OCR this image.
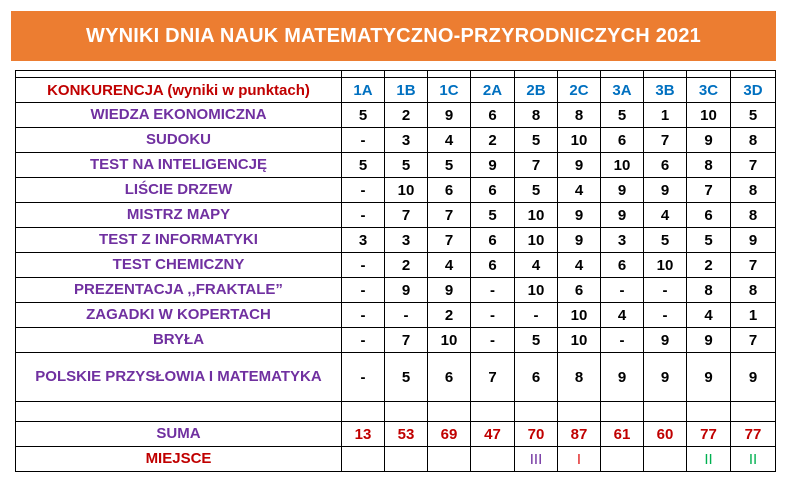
WYNIKI DNIA NAUK MATEMATYCZNO-PRZYRODNICZYCH 2021

KONKURENCJA (wyniki w punktach)	1A	1B	1C	2A	2B	2C	3A	3B	3C	3D
WIEDZA EKONOMICZNA	5	2	9	6	8	8	5	1	10	5
SUDOKU	-	3	4	2	5	10	6	7	9	8
TEST NA INTELIGENCJĘ	5	5	5	9	7	9	10	6	8	7
LIŚCIE DRZEW	-	10	6	6	5	4	9	9	7	8
MISTRZ MAPY	-	7	7	5	10	9	9	4	6	8
TEST Z INFORMATYKI	3	3	7	6	10	9	3	5	5	9
TEST CHEMICZNY	-	2	4	6	4	4	6	10	2	7
PREZENTACJA ,,FRAKTALE”	-	9	9	-	10	6	-	-	8	8
ZAGADKI W KOPERTACH	-	-	2	-	-	10	4	-	4	1
BRYŁA	-	7	10	-	5	10	-	9	9	7
POLSKIE PRZYSŁOWIA I MATEMATYKA	-	5	6	7	6	8	9	9	9	9

SUMA	13	53	69	47	70	87	61	60	77	77
MIEJSCE					III	I			II	II
